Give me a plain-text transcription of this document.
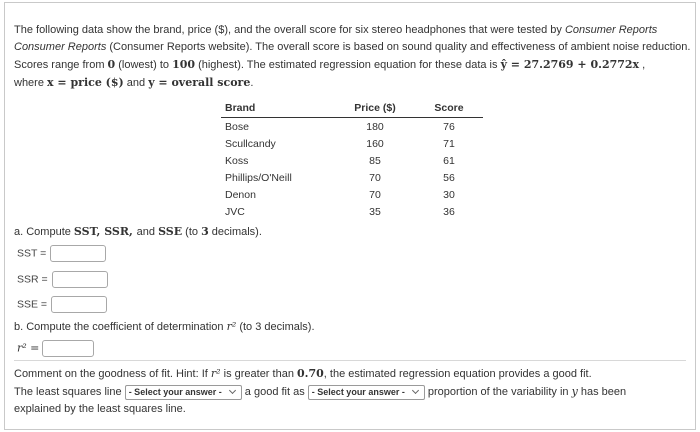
The following data show the brand, price ($), and the overall score for six stereo headphones that were tested by Consumer Reports
Consumer Reports (Consumer Reports website). The overall score is based on sound quality and effectiveness of ambient noise reduction.
Scores range from 0 (lowest) to 100 (highest). The estimated regression equation for these data is ŷ = 27.2769 + 0.2772x ,
where x = price ($) and y = overall score.
Brand	Price ($)	Score
Bose	180	76
Scullcandy	160	71
Koss	85	61
Phillips/O'Neill	70	56
Denon	70	30
JVC	35	36
a. Compute SST, SSR, and SSE (to 3 decimals).
SST =
SSR =
SSE =
b. Compute the coefficient of determination r² (to 3 decimals).
r² =
Comment on the goodness of fit. Hint: If r² is greater than 0.70, the estimated regression equation provides a good fit.
The least squares line - Select your answer - a good fit as - Select your answer - proportion of the variability in y has been
explained by the least squares line.
